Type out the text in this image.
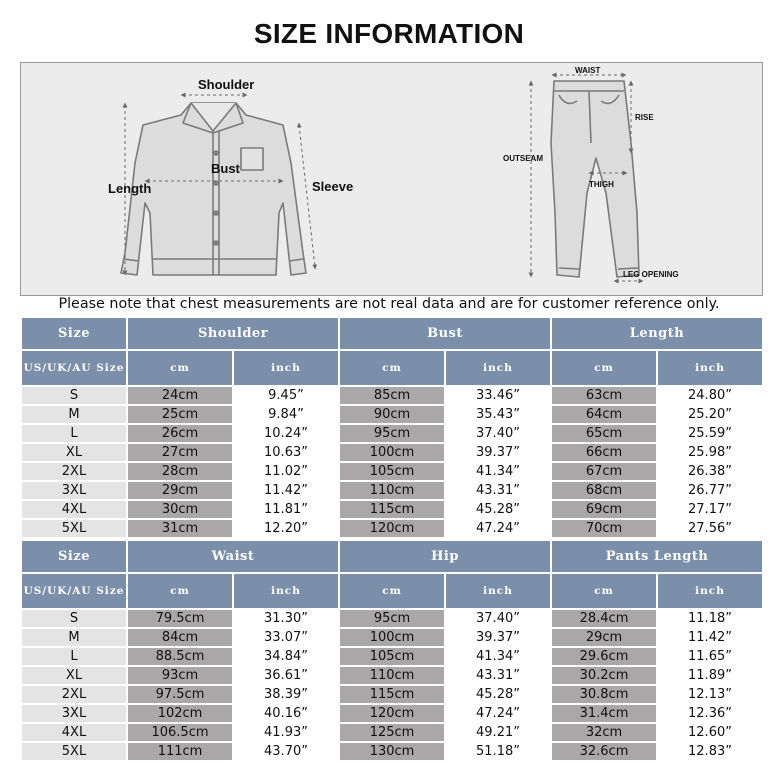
SIZE INFORMATION
Shoulder
Bust
Length	Sleeve
WAIST
RISE
OUTSEAM
THIGH
LEG OPENING
Please note that chest measurements are not real data and are for customer reference only.
Size	Shoulder		Bust		Length	
US/UK/AU Size	cm	inch	cm	inch	cm	inch
S	24cm	9.45”	85cm	33.46”	63cm	24.80”
M	25cm	9.84”	90cm	35.43”	64cm	25.20”
L	26cm	10.24”	95cm	37.40”	65cm	25.59”
XL	27cm	10.63”	100cm	39.37”	66cm	25.98”
2XL	28cm	11.02”	105cm	41.34”	67cm	26.38”
3XL	29cm	11.42”	110cm	43.31”	68cm	26.77”
4XL	30cm	11.81”	115cm	45.28”	69cm	27.17”
5XL	31cm	12.20”	120cm	47.24”	70cm	27.56”
Size	Waist		Hip		Pants Length	
US/UK/AU Size	cm	inch	cm	inch	cm	inch
S	79.5cm	31.30”	95cm	37.40”	28.4cm	11.18”
M	84cm	33.07”	100cm	39.37”	29cm	11.42”
L	88.5cm	34.84”	105cm	41.34”	29.6cm	11.65”
XL	93cm	36.61”	110cm	43.31”	30.2cm	11.89”
2XL	97.5cm	38.39”	115cm	45.28”	30.8cm	12.13”
3XL	102cm	40.16”	120cm	47.24”	31.4cm	12.36”
4XL	106.5cm	41.93”	125cm	49.21”	32cm	12.60”
5XL	111cm	43.70”	130cm	51.18”	32.6cm	12.83”
